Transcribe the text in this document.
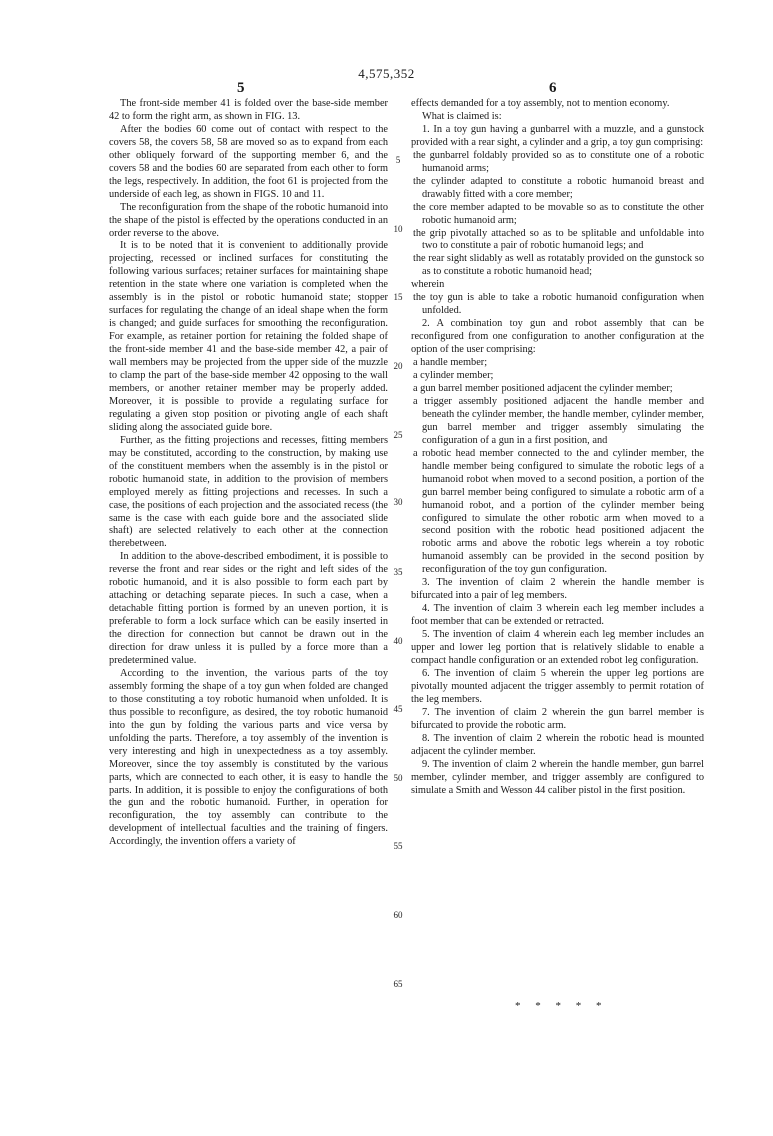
4,575,352
5	6

The front-side member 41 is folded over the base-side member 42 to form the right arm, as shown in FIG. 13.

After the bodies 60 come out of contact with respect to the covers 58, the covers 58, 58 are moved so as to expand from each other obliquely forward of the supporting member 6, and the covers 58 and the bodies 60 are separated from each other to form the legs, respectively. In addition, the foot 61 is projected from the underside of each leg, as shown in FIGS. 10 and 11.

The reconfiguration from the shape of the robotic humanoid into the shape of the pistol is effected by the operations conducted in an order reverse to the above.

It is to be noted that it is convenient to additionally provide projecting, recessed or inclined surfaces for constituting the following various surfaces; retainer surfaces for maintaining shape retention in the state where one variation is completed when the assembly is in the pistol or robotic humanoid state; stopper surfaces for regulating the change of an ideal shape when the form is changed; and guide surfaces for smoothing the reconfiguration. For example, as retainer portion for retaining the folded shape of the front-side member 41 and the base-side member 42, a pair of wall members may be projected from the upper side of the muzzle to clamp the part of the base-side member 42 opposing to the wall members, or another retainer member may be properly added. Moreover, it is possible to provide a regulating surface for regulating a given stop position or pivoting angle of each shaft sliding along the associated guide bore.

Further, as the fitting projections and recesses, fitting members may be constituted, according to the construction, by making use of the constituent members when the assembly is in the pistol or robotic humanoid state, in addition to the provision of members employed merely as fitting projections and recesses. In such a case, the positions of each projection and the associated recess (the same is the case with each guide bore and the associated slide shaft) are selected relatively to each other at the connection therebetween.

In addition to the above-described embodiment, it is possible to reverse the front and rear sides or the right and left sides of the robotic humanoid, and it is also possible to form each part by attaching or detaching separate pieces. In such a case, when a detachable fitting portion is formed by an uneven portion, it is preferable to form a lock surface which can be easily inserted in the direction for connection but cannot be drawn out in the direction for draw unless it is pulled by a force more than a predetermined value.

According to the invention, the various parts of the toy assembly forming the shape of a toy gun when folded are changed to those constituting a toy robotic humanoid when unfolded. It is thus possible to reconfigure, as desired, the toy robotic humanoid into the gun by folding the various parts and vice versa by unfolding the parts. Therefore, a toy assembly of the invention is very interesting and high in unexpectedness as a toy assembly. Moreover, since the toy assembly is constituted by the various parts, which are connected to each other, it is easy to handle the parts. In addition, it is possible to enjoy the configurations of both the gun and the robotic humanoid. Further, in operation for reconfiguration, the toy assembly can contribute to the development of intellectual faculties and the training of fingers. Accordingly, the invention offers a variety of

effects demanded for a toy assembly, not to mention economy.

What is claimed is:

1. In a toy gun having a gunbarrel with a muzzle, and a gunstock provided with a rear sight, a cylinder and a grip, a toy gun comprising:

the gunbarrel foldably provided so as to constitute one of a robotic humanoid arms;
the cylinder adapted to constitute a robotic humanoid breast and drawably fitted with a core member;
the core member adapted to be movable so as to constitute the other robotic humanoid arm;
the grip pivotally attached so as to be splitable and unfoldable into two to constitute a pair of robotic humanoid legs; and
the rear sight slidably as well as rotatably provided on the gunstock so as to constitute a robotic humanoid head;

wherein

the toy gun is able to take a robotic humanoid configuration when unfolded.

2. A combination toy gun and robot assembly that can be reconfigured from one configuration to another configuration at the option of the user comprising:

a handle member;
a cylinder member;
a gun barrel member positioned adjacent the cylinder member;
a trigger assembly positioned adjacent the handle member and beneath the cylinder member, the handle member, cylinder member, gun barrel member and trigger assembly simulating the configuration of a gun in a first position, and
a robotic head member connected to the and cylinder member, the handle member being configured to simulate the robotic legs of a humanoid robot when moved to a second position, a portion of the gun barrel member being configured to simulate a robotic arm of a humanoid robot, and a portion of the cylinder member being configured to simulate the other robotic arm when moved to a second position with the robotic head positioned adjacent the robotic arms and above the robotic legs wherein a toy robotic humanoid assembly can be provided in the second position by reconfiguration of the toy gun configuration.

3. The invention of claim 2 wherein the handle member is bifurcated into a pair of leg members.

4. The invention of claim 3 wherein each leg member includes a foot member that can be extended or retracted.

5. The invention of claim 4 wherein each leg member includes an upper and lower leg portion that is relatively slidable to enable a compact handle configuration or an extended robot leg configuration.

6. The invention of claim 5 wherein the upper leg portions are pivotally mounted adjacent the trigger assembly to permit rotation of the leg members.

7. The invention of claim 2 wherein the gun barrel member is bifurcated to provide the robotic arm.

8. The invention of claim 2 wherein the robotic head is mounted adjacent the cylinder member.

9. The invention of claim 2 wherein the handle member, gun barrel member, cylinder member, and trigger assembly are configured to simulate a Smith and Wesson 44 caliber pistol in the first position.

5
10
15
20
25
30
35
40
45
50
55
60
65
* * * * *
